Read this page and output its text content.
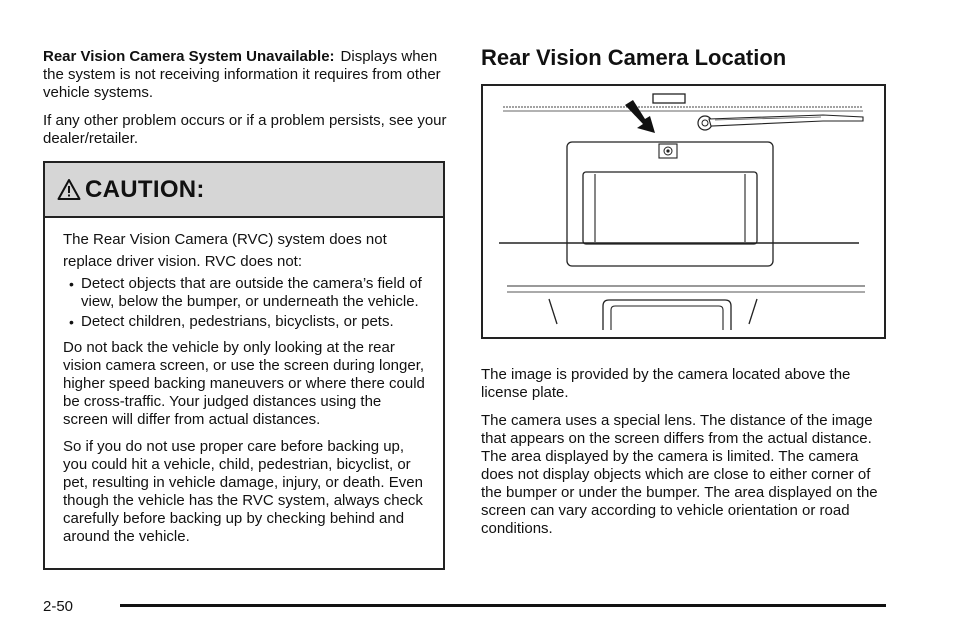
Rear Vision Camera System Unavailable: Displays when the system is not receiving information it requires from other vehicle systems.

If any other problem occurs or if a problem persists, see your dealer/retailer.

CAUTION:

The Rear Vision Camera (RVC) system does not replace driver vision. RVC does not:

• Detect objects that are outside the camera’s field of view, below the bumper, or underneath the vehicle.
• Detect children, pedestrians, bicyclists, or pets.

Do not back the vehicle by only looking at the rear vision camera screen, or use the screen during longer, higher speed backing maneuvers or where there could be cross-traffic. Your judged distances using the screen will differ from actual distances.

So if you do not use proper care before backing up, you could hit a vehicle, child, pedestrian, bicyclist, or pet, resulting in vehicle damage, injury, or death. Even though the vehicle has the RVC system, always check carefully before backing up by checking behind and around the vehicle.

Rear Vision Camera Location

The image is provided by the camera located above the license plate.

The camera uses a special lens. The distance of the image that appears on the screen differs from the actual distance. The area displayed by the camera is limited. The camera does not display objects which are close to either corner of the bumper or under the bumper. The area displayed on the screen can vary according to vehicle orientation or road conditions.

2-50
